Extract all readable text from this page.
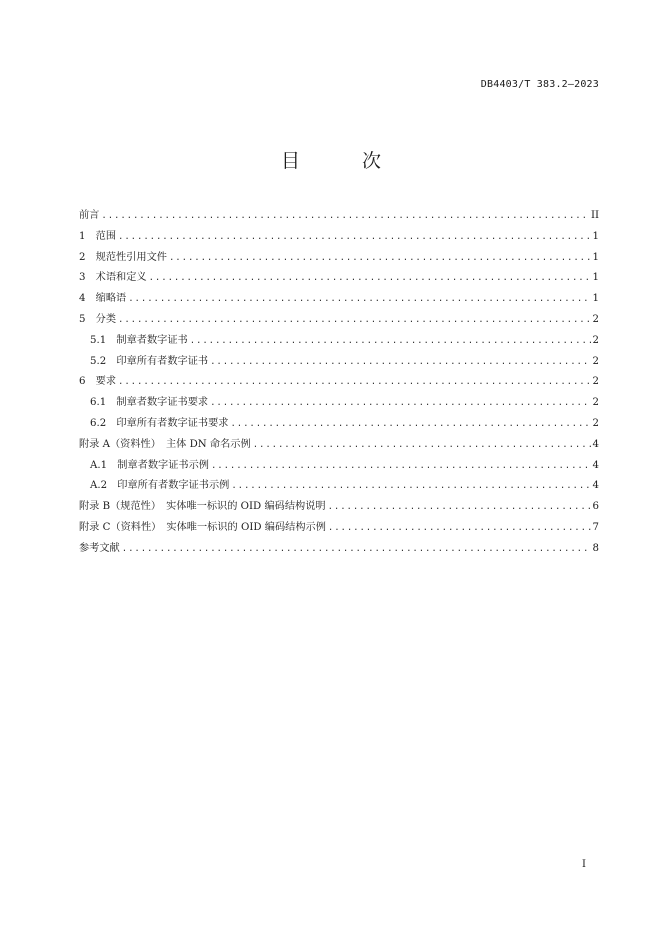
DB4403/T 383.2—2023
目 次
前言 .....	II
1　范围 .....	1
2　规范性引用文件 .....	1
3　术语和定义 .....	1
4　缩略语 .....	1
5　分类 .....	2
5.1　制章者数字证书 .....	2
5.2　印章所有者数字证书 .....	2
6　要求 .....	2
6.1　制章者数字证书要求 .....	2
6.2　印章所有者数字证书要求 .....	2
附录 A（资料性）　主体 DN 命名示例 .....	4
A.1　制章者数字证书示例 .....	4
A.2　印章所有者数字证书示例 .....	4
附录 B（规范性）　实体唯一标识的 OID 编码结构说明 .....	6
附录 C（资料性）　实体唯一标识的 OID 编码结构示例 .....	7
参考文献 .....	8
I
